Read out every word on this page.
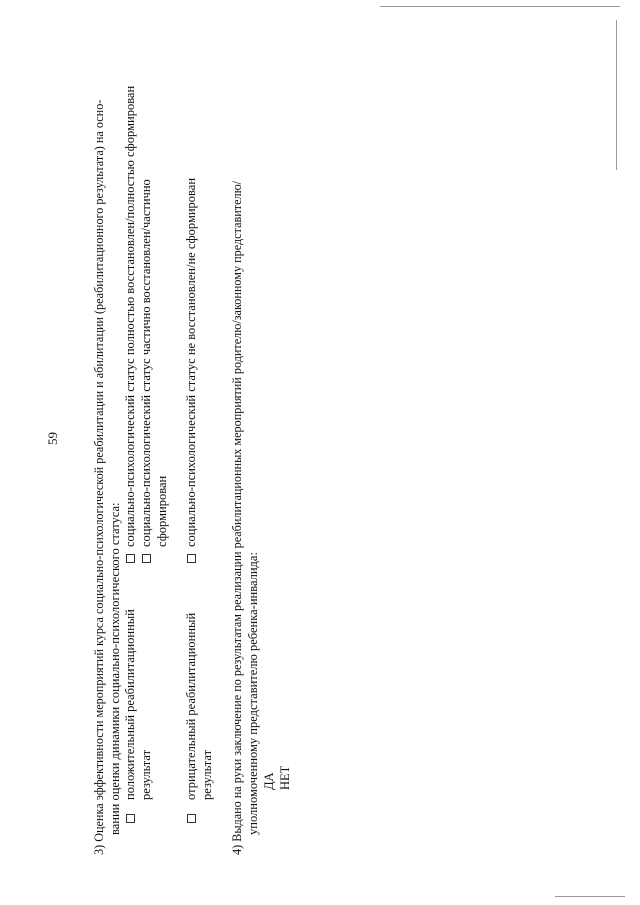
59	3) Оценка эффективности мероприятий курса социально-психологической реабилитации и абилитации (реабилитационного результата) на осно- вании оценки динамики социально-психологического статуса: положительный реабилитационный результат
социально-психологический статус полностью восстановлен/полностью сформирован социально-психологический статус частично восстановлен/частично сформирован
отрицательный реабилитационный результат
социально-психологический статус не восстановлен/не сформирован	4) Выдано на руки заключение по результатам реализации реабилитационных мероприятий родителю/законному представителю/ уполномоченному представителю ребенка-инвалида: ДА НЕТ
